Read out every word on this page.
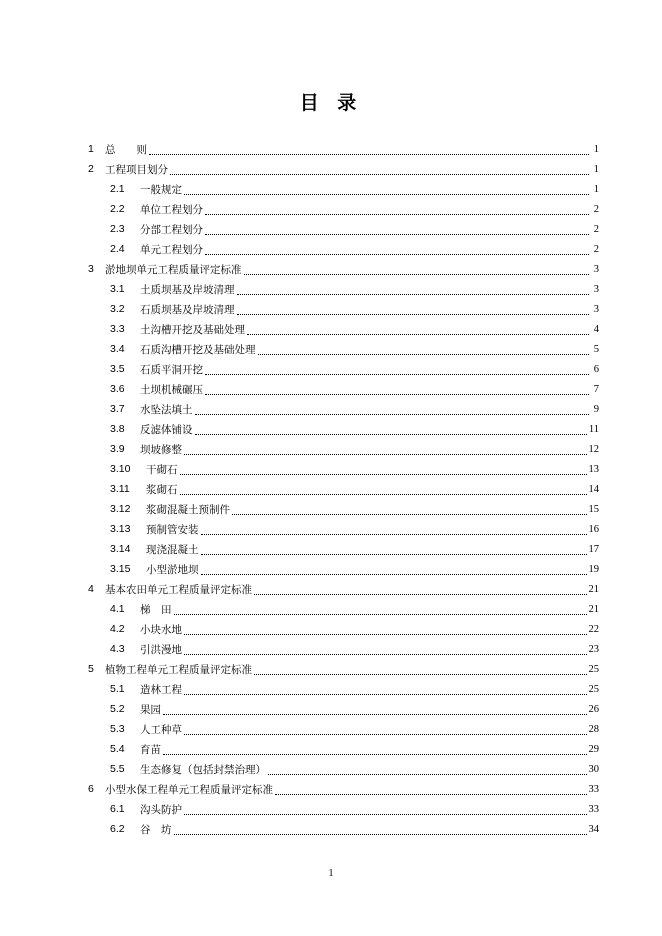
目 录
1	总　　则	1
2	工程项目划分	1
2.1	一般规定	1
2.2	单位工程划分	2
2.3	分部工程划分	2
2.4	单元工程划分	2
3	淤地坝单元工程质量评定标准	3
3.1	土质坝基及岸坡清理	3
3.2	石质坝基及岸坡清理	3
3.3	土沟槽开挖及基础处理	4
3.4	石质沟槽开挖及基础处理	5
3.5	石质平洞开挖	6
3.6	土坝机械碾压	7
3.7	水坠法填土	9
3.8	反滤体铺设	11
3.9	坝坡修整	12
3.10	干砌石	13
3.11	浆砌石	14
3.12	浆砌混凝土预制件	15
3.13	预制管安装	16
3.14	现浇混凝土	17
3.15	小型淤地坝	19
4	基本农田单元工程质量评定标准	21
4.1	梯　田	21
4.2	小块水地	22
4.3	引洪漫地	23
5	植物工程单元工程质量评定标准	25
5.1	造林工程	25
5.2	果园	26
5.3	人工种草	28
5.4	育苗	29
5.5	生态修复（包括封禁治理）	30
6	小型水保工程单元工程质量评定标准	33
6.1	沟头防护	33
6.2	谷　坊	34
1
